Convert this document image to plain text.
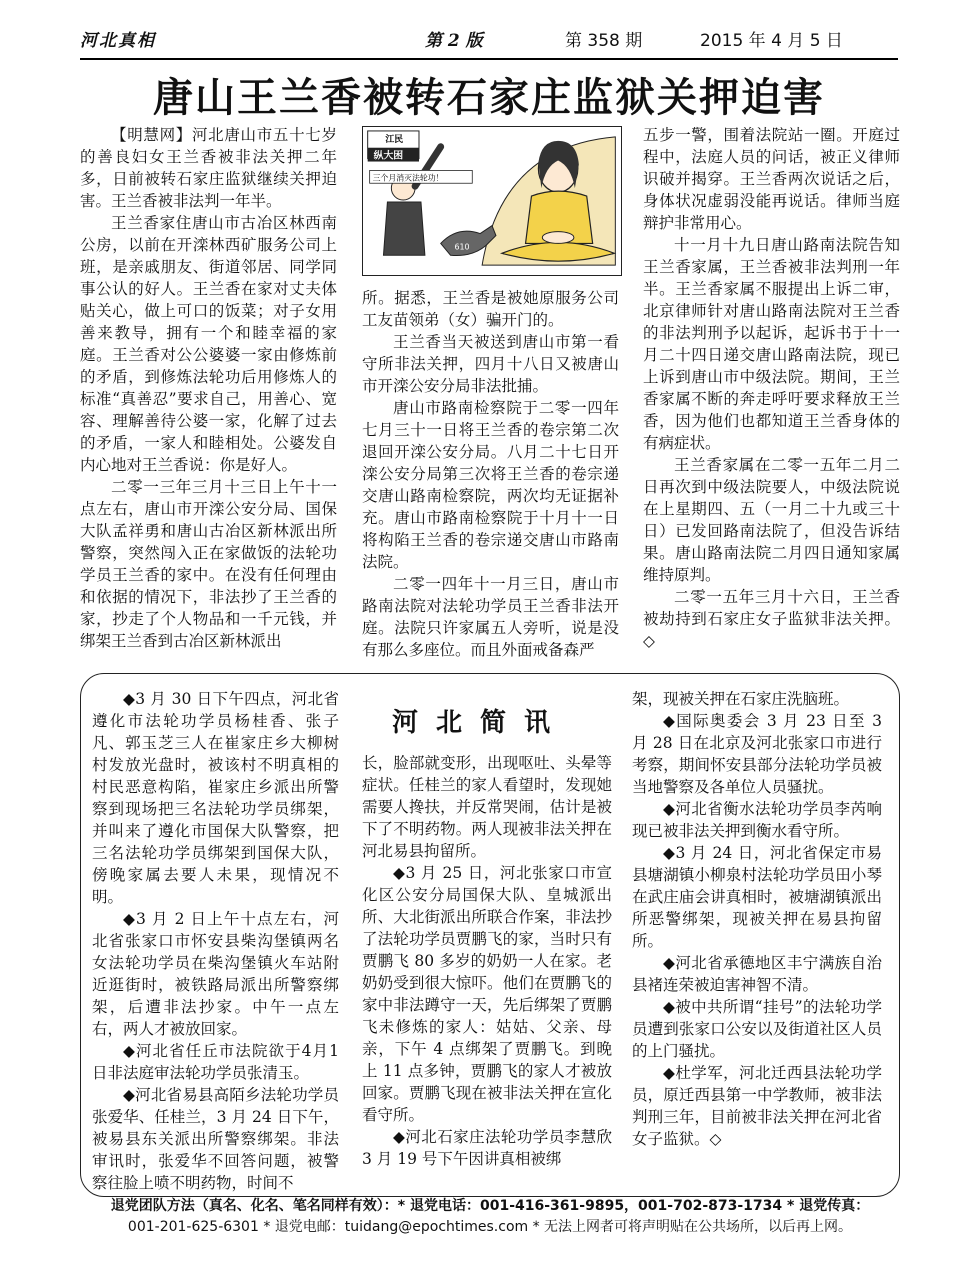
河北真相	第 2 版	第 358 期	2015 年 4 月 5 日
唐山王兰香被转石家庄监狱关押迫害

【明慧网】河北唐山市五十七岁的善良妇女王兰香被非法关押二年多，日前被转石家庄监狱继续关押迫害。王兰香被非法判一年半。

王兰香家住唐山市古冶区林西南公房，以前在开滦林西矿服务公司上班，是亲戚朋友、街道邻居、同学同事公认的好人。王兰香在家对丈夫体贴关心，做上可口的饭菜；对子女用善来教导，拥有一个和睦幸福的家庭。王兰香对公公婆婆一家由修炼前的矛盾，到修炼法轮功后用修炼人的标准“真善忍”要求自己，用善心、宽容、理解善待公婆一家，化解了过去的矛盾，一家人和睦相处。公婆发自内心地对王兰香说：你是好人。

二零一三年三月十三日上午十一点左右，唐山市开滦公安分局、国保大队孟祥勇和唐山古冶区新林派出所警察，突然闯入正在家做饭的法轮功学员王兰香的家中。在没有任何理由和依据的情况下，非法抄了王兰香的家，抄走了个人物品和一千元钱，并绑架王兰香到古冶区新林派出

610
江民
纵大困
三个月消灭法轮功！

所。据悉，王兰香是被她原服务公司工友苗领弟（女）骗开门的。

王兰香当天被送到唐山市第一看守所非法关押，四月十八日又被唐山市开滦公安分局非法批捕。

唐山市路南检察院于二零一四年七月三十一日将王兰香的卷宗第二次退回开滦公安分局。八月二十七日开滦公安分局第三次将王兰香的卷宗递交唐山路南检察院，两次均无证据补充。唐山市路南检察院于十月十一日将构陷王兰香的卷宗递交唐山市路南法院。

二零一四年十一月三日，唐山市路南法院对法轮功学员王兰香非法开庭。法院只许家属五人旁听，说是没有那么多座位。而且外面戒备森严

五步一警，围着法院站一圈。开庭过程中，法庭人员的问话，被正义律师识破并揭穿。王兰香两次说话之后，身体状况虚弱没能再说话。律师当庭辩护非常用心。

十一月十九日唐山路南法院告知王兰香家属，王兰香被非法判刑一年半。王兰香家属不服提出上诉二审，北京律师针对唐山路南法院对王兰香的非法判刑予以起诉，起诉书于十一月二十四日递交唐山路南法院，现已上诉到唐山市中级法院。期间，王兰香家属不断的奔走呼吁要求释放王兰香，因为他们也都知道王兰香身体的有病症状。

王兰香家属在二零一五年二月二日再次到中级法院要人，中级法院说在上星期四、五（一月二十九或三十日）已发回路南法院了，但没告诉结果。唐山路南法院二月四日通知家属维持原判。

二零一五年三月十六日，王兰香被劫持到石家庄女子监狱非法关押。◇

河北简讯

◆3 月 30 日下午四点，河北省遵化市法轮功学员杨桂香、张子凡、郭玉芝三人在崔家庄乡大柳树村发放光盘时，被该村不明真相的村民恶意构陷，崔家庄乡派出所警察到现场把三名法轮功学员绑架，并叫来了遵化市国保大队警察，把三名法轮功学员绑架到国保大队，傍晚家属去要人未果，现情况不明。

◆3 月 2 日上午十点左右，河北省张家口市怀安县柴沟堡镇两名女法轮功学员在柴沟堡镇火车站附近逛街时，被铁路局派出所警察绑架，后遭非法抄家。中午一点左右，两人才被放回家。

◆河北省任丘市法院欲于4月1 日非法庭审法轮功学员张清玉。

◆河北省易县高陌乡法轮功学员张爱华、任桂兰，3 月 24 日下午，被易县东关派出所警察绑架。非法审讯时，张爱华不回答问题，被警察往脸上喷不明药物，时间不

长，脸部就变形，出现呕吐、头晕等症状。任桂兰的家人看望时，发现她需要人搀扶，并反常哭闹，估计是被下了不明药物。两人现被非法关押在河北易县拘留所。

◆3 月 25 日，河北张家口市宣化区公安分局国保大队、皇城派出所、大北街派出所联合作案，非法抄了法轮功学员贾鹏飞的家，当时只有贾鹏飞 80 多岁的奶奶一人在家。老奶奶受到很大惊吓。他们在贾鹏飞的家中非法蹲守一天，先后绑架了贾鹏飞未修炼的家人：姑姑、父亲、母亲，下午 4 点绑架了贾鹏飞。到晚上 11 点多钟，贾鹏飞的家人才被放回家。贾鹏飞现在被非法关押在宣化看守所。

◆河北石家庄法轮功学员李慧欣 3 月 19 号下午因讲真相被绑

架，现被关押在石家庄洗脑班。

◆国际奥委会 3 月 23 日至 3 月 28 日在北京及河北张家口市进行考察，期间怀安县部分法轮功学员被当地警察及各单位人员骚扰。

◆河北省衡水法轮功学员李芮响现已被非法关押到衡水看守所。

◆3 月 24 日，河北省保定市易县塘湖镇小柳泉村法轮功学员田小琴在武庄庙会讲真相时，被塘湖镇派出所恶警绑架，现被关押在易县拘留所。

◆河北省承德地区丰宁满族自治县褚连荣被迫害神智不清。

◆被中共所谓“挂号”的法轮功学员遭到张家口公安以及街道社区人员的上门骚扰。

◆杜学军，河北迁西县法轮功学员，原迁西县第一中学教师，被非法判刑三年，目前被非法关押在河北省女子监狱。◇

退党团队方法（真名、化名、笔名同样有效）：* 退党电话：001-416-361-9895，001-702-873-1734 * 退党传真：
001-201-625-6301 * 退党电邮：tuidang@epochtimes.com * 无法上网者可将声明贴在公共场所，以后再上网。
